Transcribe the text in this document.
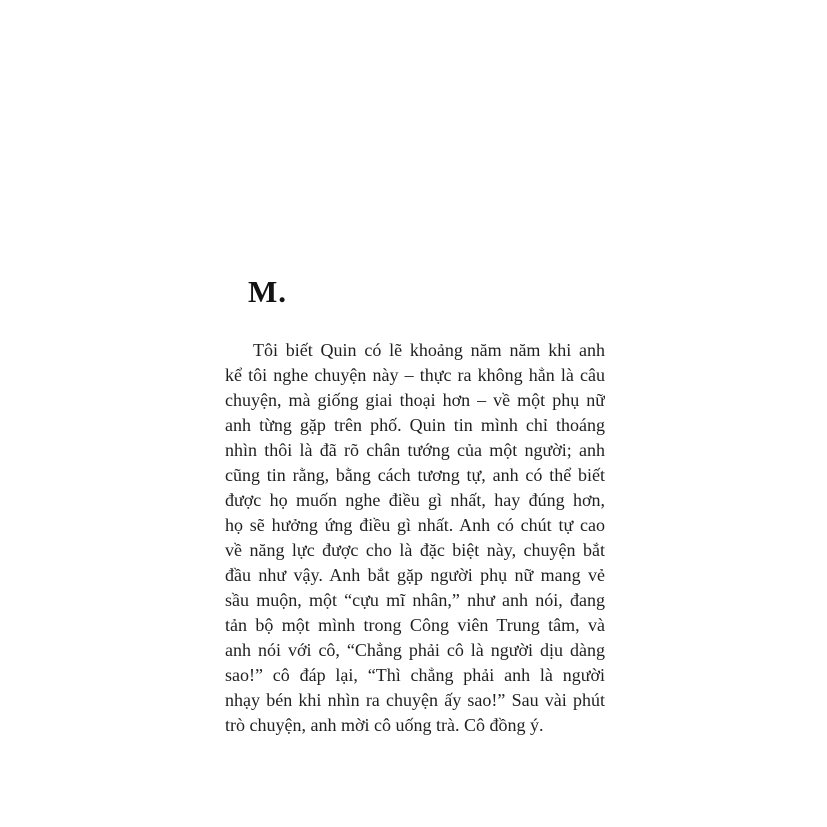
M.
Tôi biết Quin có lẽ khoảng năm năm khi anh
kể tôi nghe chuyện này – thực ra không hẳn là câu
chuyện, mà giống giai thoại hơn – về một phụ nữ
anh từng gặp trên phố. Quin tin mình chỉ thoáng
nhìn thôi là đã rõ chân tướng của một người; anh
cũng tin rằng, bằng cách tương tự, anh có thể biết
được họ muốn nghe điều gì nhất, hay đúng hơn,
họ sẽ hưởng ứng điều gì nhất. Anh có chút tự cao
về năng lực được cho là đặc biệt này, chuyện bắt
đầu như vậy. Anh bắt gặp người phụ nữ mang vẻ
sầu muộn, một “cựu mĩ nhân,” như anh nói, đang
tản bộ một mình trong Công viên Trung tâm, và
anh nói với cô, “Chẳng phải cô là người dịu dàng
sao!” cô đáp lại, “Thì chẳng phải anh là người
nhạy bén khi nhìn ra chuyện ấy sao!” Sau vài phút
trò chuyện, anh mời cô uống trà. Cô đồng ý.
